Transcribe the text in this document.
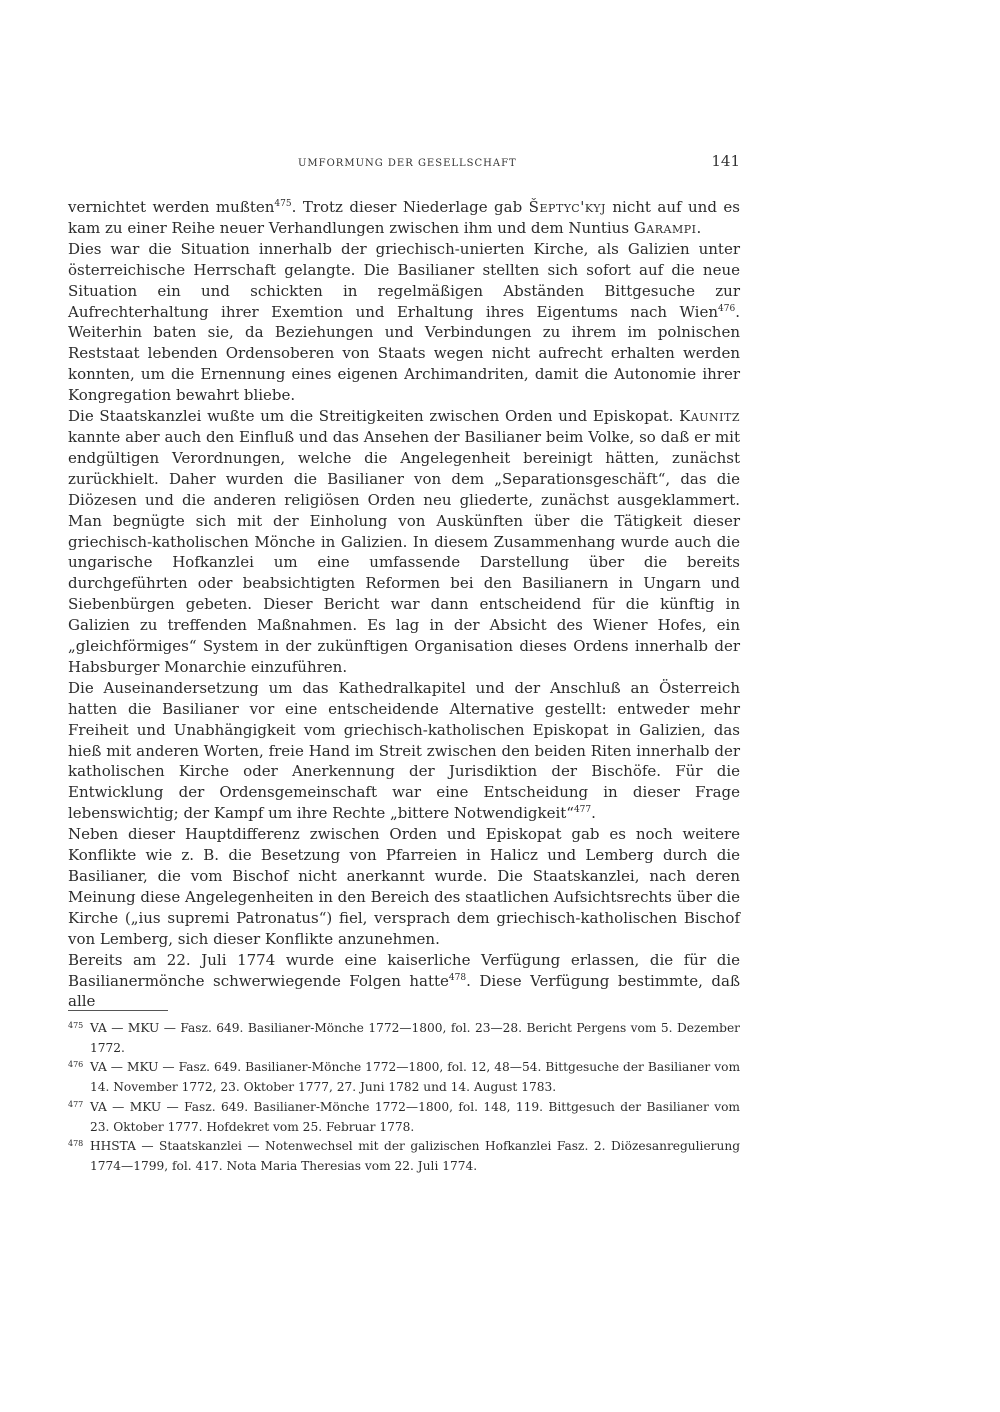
UMFORMUNG DER GESELLSCHAFT	141

vernichtet werden mußten$^{475}$. Trotz dieser Niederlage gab Šeptyc'kyj nicht auf und es kam zu einer Reihe neuer Verhandlungen zwischen ihm und dem Nuntius Garampi.

Dies war die Situation innerhalb der griechisch-unierten Kirche, als Galizien unter österreichische Herrschaft gelangte. Die Basilianer stellten sich sofort auf die neue Situation ein und schickten in regelmäßigen Abständen Bittgesuche zur Aufrechterhaltung ihrer Exemtion und Erhaltung ihres Eigentums nach Wien$^{476}$. Weiterhin baten sie, da Beziehungen und Verbindungen zu ihrem im polnischen Reststaat lebenden Ordensoberen von Staats wegen nicht aufrecht erhalten werden konnten, um die Ernennung eines eigenen Archimandriten, damit die Autonomie ihrer Kongregation bewahrt bliebe.

Die Staatskanzlei wußte um die Streitigkeiten zwischen Orden und Episkopat. Kaunitz kannte aber auch den Einfluß und das Ansehen der Basilianer beim Volke, so daß er mit endgültigen Verordnungen, welche die Angelegenheit bereinigt hätten, zunächst zurückhielt. Daher wurden die Basilianer von dem „Separationsgeschäft“, das die Diözesen und die anderen religiösen Orden neu gliederte, zunächst ausgeklammert. Man begnügte sich mit der Einholung von Auskünften über die Tätigkeit dieser griechisch-katholischen Mönche in Galizien. In diesem Zusammenhang wurde auch die ungarische Hofkanzlei um eine umfassende Darstellung über die bereits durchgeführten oder beabsichtigten Reformen bei den Basilianern in Ungarn und Siebenbürgen gebeten. Dieser Bericht war dann entscheidend für die künftig in Galizien zu treffenden Maßnahmen. Es lag in der Absicht des Wiener Hofes, ein „gleichförmiges“ System in der zukünftigen Organisation dieses Ordens innerhalb der Habsburger Monarchie einzuführen.

Die Auseinandersetzung um das Kathedralkapitel und der Anschluß an Österreich hatten die Basilianer vor eine entscheidende Alternative gestellt: entweder mehr Freiheit und Unabhängigkeit vom griechisch-katholischen Episkopat in Galizien, das hieß mit anderen Worten, freie Hand im Streit zwischen den beiden Riten innerhalb der katholischen Kirche oder Anerkennung der Jurisdiktion der Bischöfe. Für die Entwicklung der Ordensgemeinschaft war eine Entscheidung in dieser Frage lebenswichtig; der Kampf um ihre Rechte „bittere Notwendigkeit“$^{477}$.

Neben dieser Hauptdifferenz zwischen Orden und Episkopat gab es noch weitere Konflikte wie z. B. die Besetzung von Pfarreien in Halicz und Lemberg durch die Basilianer, die vom Bischof nicht anerkannt wurde. Die Staatskanzlei, nach deren Meinung diese Angelegenheiten in den Bereich des staatlichen Aufsichtsrechts über die Kirche („ius supremi Patronatus“) fiel, versprach dem griechisch-katholischen Bischof von Lemberg, sich dieser Konflikte anzunehmen.

Bereits am 22. Juli 1774 wurde eine kaiserliche Verfügung erlassen, die für die Basilianermönche schwerwiegende Folgen hatte$^{478}$. Diese Verfügung bestimmte, daß alle

475 VA — MKU — Fasz. 649. Basilianer-Mönche 1772—1800, fol. 23—28. Bericht Pergens vom 5. Dezember 1772.

476 VA — MKU — Fasz. 649. Basilianer-Mönche 1772—1800, fol. 12, 48—54. Bittgesuche der Basilianer vom 14. November 1772, 23. Oktober 1777, 27. Juni 1782 und 14. August 1783.

477 VA — MKU — Fasz. 649. Basilianer-Mönche 1772—1800, fol. 148, 119. Bittgesuch der Basilianer vom 23. Oktober 1777. Hofdekret vom 25. Februar 1778.

478 HHSTA — Staatskanzlei — Notenwechsel mit der galizischen Hofkanzlei Fasz. 2. Diözesanregulierung 1774—1799, fol. 417. Nota Maria Theresias vom 22. Juli 1774.
